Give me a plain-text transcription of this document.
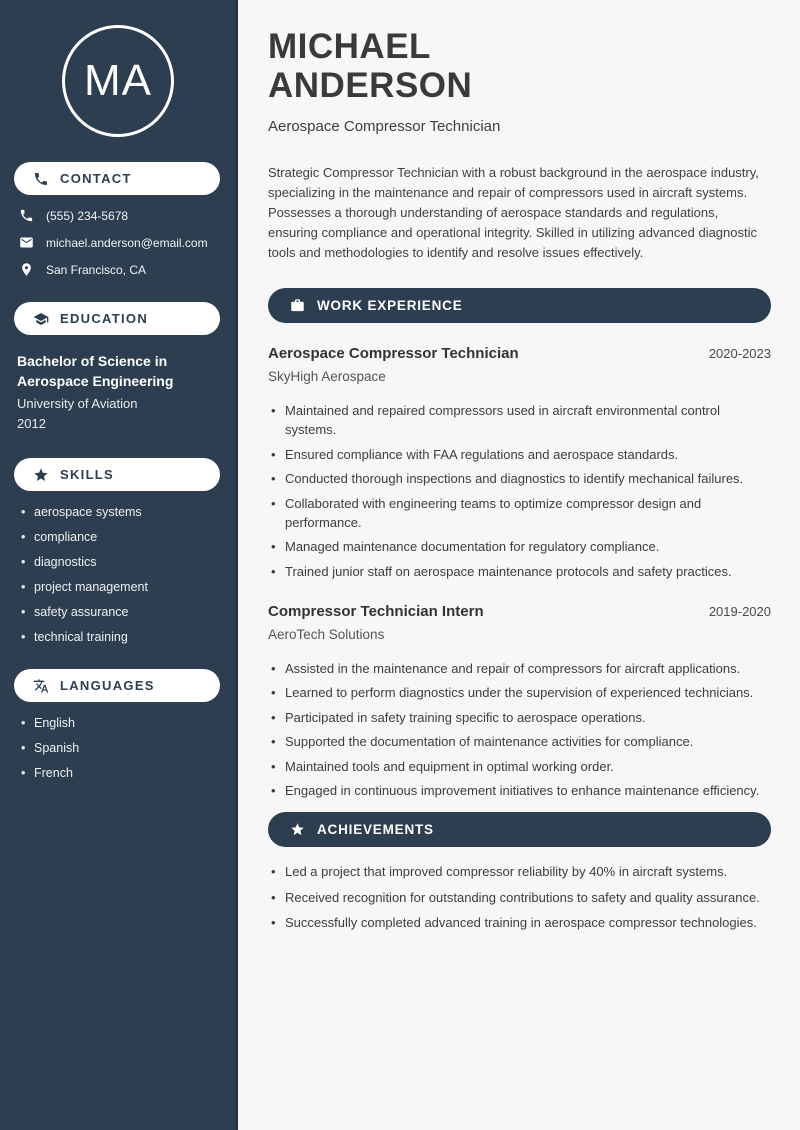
MA
CONTACT
(555) 234-5678
michael.anderson@email.com
San Francisco, CA
EDUCATION
Bachelor of Science in
Aerospace Engineering
University of Aviation
2012
SKILLS
• aerospace systems
• compliance
• diagnostics
• project management
• safety assurance
• technical training
LANGUAGES
• English
• Spanish
• French
MICHAEL
ANDERSON
Aerospace Compressor Technician

Strategic Compressor Technician with a robust background in the aerospace industry, specializing in the maintenance and repair of compressors used in aircraft systems. Possesses a thorough understanding of aerospace standards and regulations, ensuring compliance and operational integrity. Skilled in utilizing advanced diagnostic tools and methodologies to identify and resolve issues effectively.

WORK EXPERIENCE
Aerospace Compressor Technician	2020-2023
SkyHigh Aerospace
• Maintained and repaired compressors used in aircraft environmental control systems.
• Ensured compliance with FAA regulations and aerospace standards.
• Conducted thorough inspections and diagnostics to identify mechanical failures.
• Collaborated with engineering teams to optimize compressor design and performance.
• Managed maintenance documentation for regulatory compliance.
• Trained junior staff on aerospace maintenance protocols and safety practices.
Compressor Technician Intern	2019-2020
AeroTech Solutions
• Assisted in the maintenance and repair of compressors for aircraft applications.
• Learned to perform diagnostics under the supervision of experienced technicians.
• Participated in safety training specific to aerospace operations.
• Supported the documentation of maintenance activities for compliance.
• Maintained tools and equipment in optimal working order.
• Engaged in continuous improvement initiatives to enhance maintenance efficiency.
ACHIEVEMENTS
• Led a project that improved compressor reliability by 40% in aircraft systems.
• Received recognition for outstanding contributions to safety and quality assurance.
• Successfully completed advanced training in aerospace compressor technologies.
